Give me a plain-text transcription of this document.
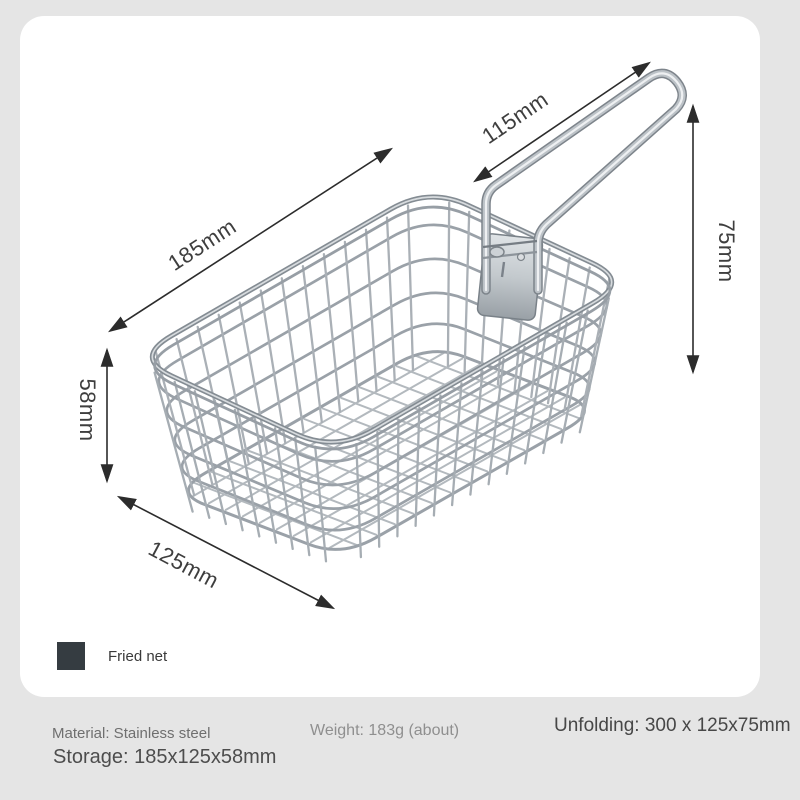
185mm
115mm
75mm
58mm
125mm
Fried net
Material: Stainless steel	Weight: 183g (about)	Unfolding: 300 x 125x75mm
Storage: 185x125x58mm
